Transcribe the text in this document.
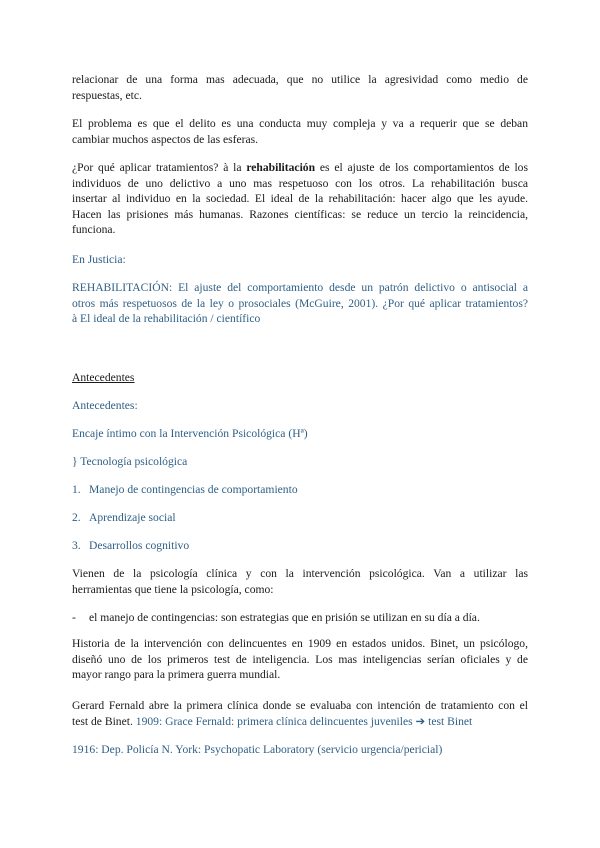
relacionar de una forma mas adecuada, que no utilice la agresividad como medio de
respuestas, etc.
El problema es que el delito es una conducta muy compleja y va a requerir que se deban
cambiar muchos aspectos de las esferas.
¿Por qué aplicar tratamientos? à la rehabilitación es el ajuste de los comportamientos de los
individuos de uno delictivo a uno mas respetuoso con los otros. La rehabilitación busca
insertar al individuo en la sociedad. El ideal de la rehabilitación: hacer algo que les ayude.
Hacen las prisiones más humanas. Razones científicas: se reduce un tercio la reincidencia,
funciona.
En Justicia:
REHABILITACIÓN: El ajuste del comportamiento desde un patrón delictivo o antisocial a
otros más respetuosos de la ley o prosociales (McGuire, 2001). ¿Por qué aplicar tratamientos?
à El ideal de la rehabilitación / científico
Antecedentes
Antecedentes:
Encaje íntimo con la Intervención Psicológica (Hª)
} Tecnología psicológica
1. Manejo de contingencias de comportamiento
2. Aprendizaje social
3. Desarrollos cognitivo
Vienen de la psicología clínica y con la intervención psicológica. Van a utilizar las
herramientas que tiene la psicología, como:
- el manejo de contingencias: son estrategias que en prisión se utilizan en su día a día.
Historia de la intervención con delincuentes en 1909 en estados unidos. Binet, un psicólogo,
diseñó uno de los primeros test de inteligencia. Los mas inteligencias serían oficiales y de
mayor rango para la primera guerra mundial.
Gerard Fernald abre la primera clínica donde se evaluaba con intención de tratamiento con el
test de Binet. 1909: Grace Fernald: primera clínica delincuentes juveniles ➔ test Binet
1916: Dep. Policía N. York: Psychopatic Laboratory (servicio urgencia/pericial)
